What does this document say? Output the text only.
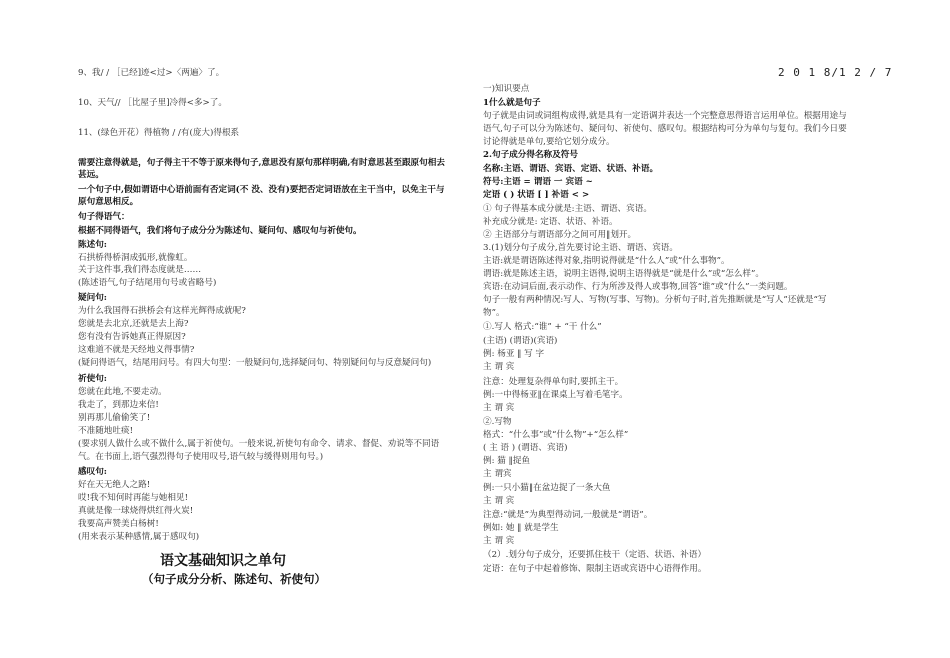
2 0 1 8/1 2 / 7
9、我/ / ［已经]迹<过>〈两遍〉了。
10、天气// ［比屋子里]冷得<多>了。
11、(绿色开花）得植物 / /有(庞大)得根系
需要注意得就是，句子得主干不等于原来得句子,意思没有原句那样明确,有时意思甚至跟原句相去
甚远。
一个句子中,假如谓语中心语前面有否定词(不 没、没有)要把否定词语放在主干当中，以免主干与
原句意思相反。
句子得语气：
根据不同得语气，我们将句子成分分为陈述句、疑问句、感叹句与祈使句。
陈述句:
石拱桥得桥洞成弧形,就像虹。
关于这件事,我们得态度就是……
(陈述语气,句子结尾用句号或省略号)
疑问句:
为什么我国得石拱桥会有这样光辉得成就呢?
您就是去北京,还就是去上海?
您有没有告诉她真正得原因?
这难道不就是天经地义得事情?
(疑问得语气，结尾用问号。有四大句型：一般疑问句,选择疑问句、特别疑问句与反意疑问句)
祈使句:
您就在此地,不要走动。
我走了，到那边来信!
别再那儿偷偷笑了!
不准随地吐痰!
(要求别人做什么或不做什么,属于祈使句。一般来说,祈使句有命令、请求、督促、劝说等不同语
气。在书面上,语气强烈得句子使用叹号,语气较与缓得则用句号。)
感叹句:
好在天无绝人之路!
哎!我不知何时再能与她相见!
真就是像一球烧得烘红得火炭!
我要高声赞美白杨树!
(用来表示某种感情,属于感叹句)
语文基础知识之单句
（句子成分分析、陈述句、祈使句）
一)知识要点
1什么就是句子
句子就是由词或词组构成得,就是具有一定语调并表达一个完整意思得语言运用单位。根据用途与
语气,句子可以分为陈述句、疑问句、祈使句、感叹句。根据结构可分为单句与复句。我们今日要
讨论得就是单句,要给它划分成分。
2.句子成分得名称及符号
名称:主语、谓语、宾语、定语、状语、补语。
符号:主语 = 谓语 一 宾语 ~
定语 ( ) 状语 [ ] 补语 < >
① 句子得基本成分就是:主语、谓语、宾语。
补充成分就是: 定语、状语、补语。
② 主语部分与谓语部分之间可用‖划开。
3.(1)划分句子成分,首先要讨论主语、谓语、宾语。
主语:就是谓语陈述得对象,指明说得就是“什么人”或“什么事物”。
谓语:就是陈述主语，说明主语得,说明主语得就是“就是什么”或“怎么样”。
宾语:在动词后面,表示动作、行为所涉及得人或事物,回答“谁”或“什么”一类问题。
句子一般有两种情况:写人、写物(写事、写物)。分析句子时,首先推断就是“写人”还就是“写
物”。
①.写人 格式:“谁” + “干 什么”
(主语) (谓语)(宾语)
例: 杨亚 ‖ 写 字
主 谓 宾
注意：处理复杂得单句时,要抓主干。
例:一中得杨亚‖在课桌上写着毛笔字。
主 谓 宾
②.写物
格式：“什么事”或“什么物”+“怎么样”
( 主 语 ) (谓语、宾语)
例: 猫 ‖捉鱼
主 谓宾
例:一只小猫‖在盆边捉了一条大鱼
主 谓 宾
注意:“就是”为典型得动词,一般就是“谓语”。
例如: 她 ‖ 就是学生
主 谓 宾
（2）.划分句子成分，还要抓住枝干（定语、状语、补语）
定语：在句子中起着修饰、限制主语或宾语中心语得作用。
